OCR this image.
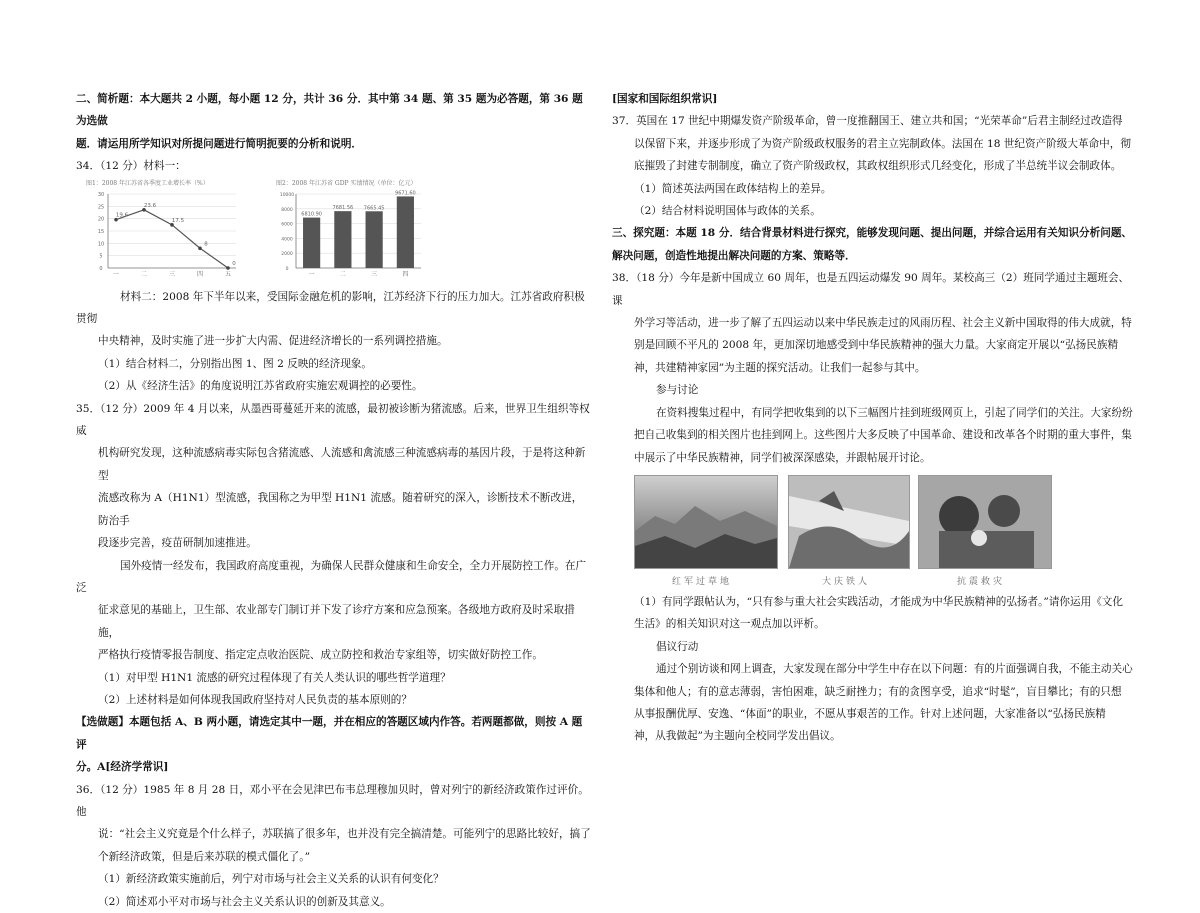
二、简析题：本大题共 2 小题，每小题 12 分，共计 36 分．其中第 34 题、第 35 题为必答题，第 36 题为选做

题．请运用所学知识对所提问题进行简明扼要的分析和说明．

34．（12 分）材料一：

图1：2008 年江苏省各季度工业增长率（%）
19.6
一
23.6
二
17.5
三
8
四
0
五
0
5
10
15
20
25
30
图2：2008 年江苏省 GDP 实绩情况（单位：亿元）
6810.90
一
7681.56
二
7665.45
三
9671.60
四
0
2000
4000
6000
8000
10000

材料二：2008 年下半年以来，受国际金融危机的影响，江苏经济下行的压力加大。江苏省政府积极贯彻

中央精神，及时实施了进一步扩大内需、促进经济增长的一系列调控措施。

（1）结合材料二，分别指出图 1、图 2 反映的经济现象。

（2）从《经济生活》的角度说明江苏省政府实施宏观调控的必要性。

35．（12 分）2009 年 4 月以来，从墨西哥蔓延开来的流感，最初被诊断为猪流感。后来，世界卫生组织等权威

机构研究发现，这种流感病毒实际包含猪流感、人流感和禽流感三种流感病毒的基因片段，于是将这种新型

流感改称为 A（H1N1）型流感，我国称之为甲型 H1N1 流感。随着研究的深入，诊断技术不断改进，防治手

段逐步完善，疫苗研制加速推进。

国外疫情一经发布，我国政府高度重视，为确保人民群众健康和生命安全，全力开展防控工作。在广泛

征求意见的基础上，卫生部、农业部专门制订并下发了诊疗方案和应急预案。各级地方政府及时采取措施，

严格执行疫情零报告制度、指定定点收治医院、成立防控和救治专家组等，切实做好防控工作。

（1）对甲型 H1N1 流感的研究过程体现了有关人类认识的哪些哲学道理？

（2）上述材料是如何体现我国政府坚持对人民负责的基本原则的？

【选做题】本题包括 A、B 两小题，请选定其中一题，并在相应的答题区域内作答。若两题都做，则按 A 题评

分。A[经济学常识]

36．（12 分）1985 年 8 月 28 日，邓小平在会见津巴布韦总理穆加贝时，曾对列宁的新经济政策作过评价。他

说：“社会主义究竟是个什么样子，苏联搞了很多年，也并没有完全搞清楚。可能列宁的思路比较好，搞了

个新经济政策，但是后来苏联的模式僵化了。”

（1）新经济政策实施前后，列宁对市场与社会主义关系的认识有何变化？

（2）简述邓小平对市场与社会主义关系认识的创新及其意义。

[国家和国际组织常识]

37．英国在 17 世纪中期爆发资产阶级革命，曾一度推翻国王、建立共和国；“光荣革命”后君主制经过改造得

以保留下来，并逐步形成了为资产阶级政权服务的君主立宪制政体。法国在 18 世纪资产阶级大革命中，彻

底摧毁了封建专制制度，确立了资产阶级政权，其政权组织形式几经变化，形成了半总统半议会制政体。

（1）简述英法两国在政体结构上的差异。

（2）结合材料说明国体与政体的关系。

三、探究题：本题 18 分．结合背景材料进行探究，能够发现问题、提出问题，并综合运用有关知识分析问题、

解决问题，创造性地提出解决问题的方案、策略等．

38．（18 分）今年是新中国成立 60 周年，也是五四运动爆发 90 周年。某校高三（2）班同学通过主题班会、课

外学习等活动，进一步了解了五四运动以来中华民族走过的风雨历程、社会主义新中国取得的伟大成就，特

别是回顾不平凡的 2008 年，更加深切地感受到中华民族精神的强大力量。大家商定开展以“弘扬民族精

神，共建精神家园”为主题的探究活动。让我们一起参与其中。

参与讨论

在资料搜集过程中，有同学把收集到的以下三幅图片挂到班级网页上，引起了同学们的关注。大家纷纷

把自己收集到的相关图片也挂到网上。这些图片大多反映了中国革命、建设和改革各个时期的重大事件，集

中展示了中华民族精神，同学们被深深感染，并跟帖展开讨论。

红军过草地	大庆铁人	抗震救灾

（1）有同学跟帖认为，“只有参与重大社会实践活动，才能成为中华民族精神的弘扬者。”请你运用《文化

生活》的相关知识对这一观点加以评析。

倡议行动

通过个别访谈和网上调查，大家发现在部分中学生中存在以下问题：有的片面强调自我，不能主动关心

集体和他人；有的意志薄弱，害怕困难，缺乏耐挫力；有的贪图享受，追求“时髦”，盲目攀比；有的只想

从事报酬优厚、安逸、“体面”的职业，不愿从事艰苦的工作。针对上述问题，大家准备以“弘扬民族精

神，从我做起”为主题向全校同学发出倡议。
